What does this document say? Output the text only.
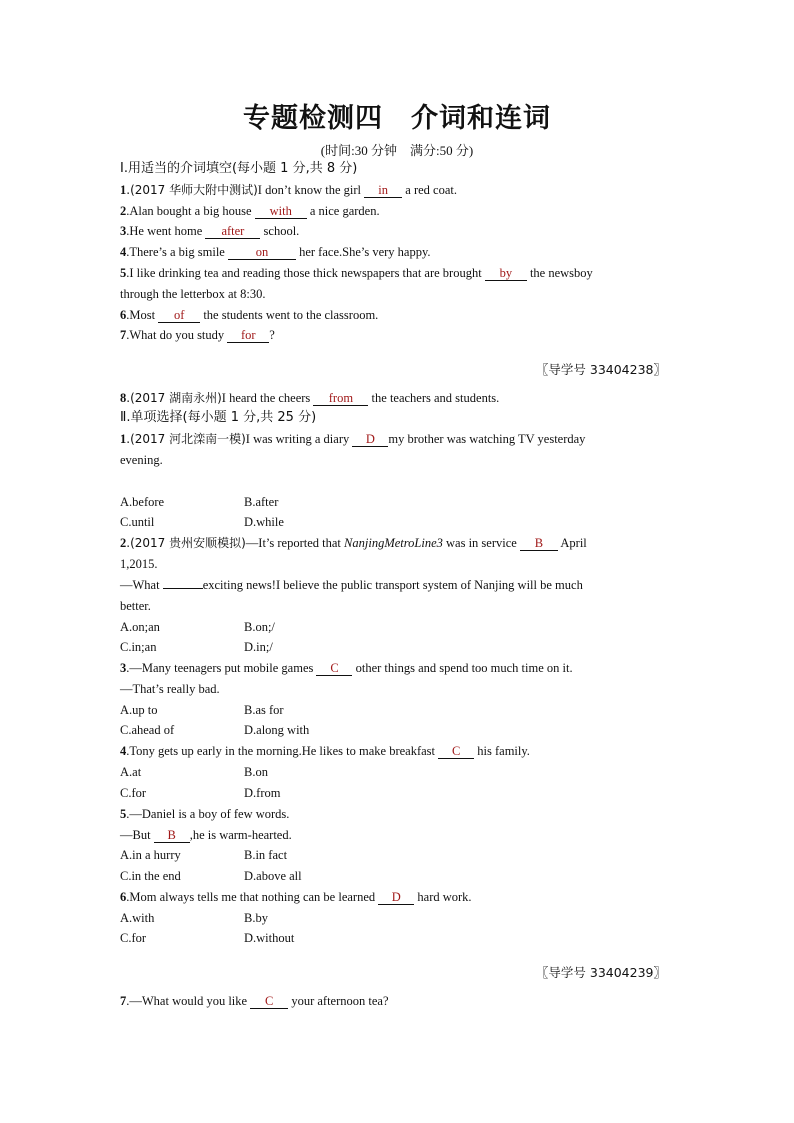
专题检测四　介词和连词
(时间:30 分钟　满分:50 分)
Ⅰ.用适当的介词填空(每小题 1 分,共 8 分)
1.(2017 华师大附中测试)I don’t know the girl in a red coat.
2.Alan bought a big house with a nice garden.
3.He went home after school.
4.There’s a big smile on her face.She’s very happy.
5.I like drinking tea and reading those thick newspapers that are brought by the newsboy
through the letterbox at 8:30.
6.Most of the students went to the classroom.
7.What do you study for ?
〖导学号 33404238〗
8.(2017 湖南永州)I heard the cheers from the teachers and students.
Ⅱ.单项选择(每小题 1 分,共 25 分)
1.(2017 河北滦南一模)I was writing a diary D my brother was watching TV yesterday
evening.
A.before	B.after
C.until	D.while
2.(2017 贵州安顺模拟)—It’s reported that NanjingMetroLine3 was in service B April
1,2015.
—What	exciting news!I believe the public transport system of Nanjing will be much
better.
A.on;an	B.on;/
C.in;an	D.in;/
3.—Many teenagers put mobile games C other things and spend too much time on it.
—That’s really bad.
A.up to	B.as for
C.ahead of	D.along with
4.Tony gets up early in the morning.He likes to make breakfast C his family.
A.at	B.on
C.for	D.from
5.—Daniel is a boy of few words.
—But B ,he is warm-hearted.
A.in a hurry	B.in fact
C.in the end	D.above all
6.Mom always tells me that nothing can be learned D hard work.
A.with	B.by
C.for	D.without
〖导学号 33404239〗
7.—What would you like C your afternoon tea?
